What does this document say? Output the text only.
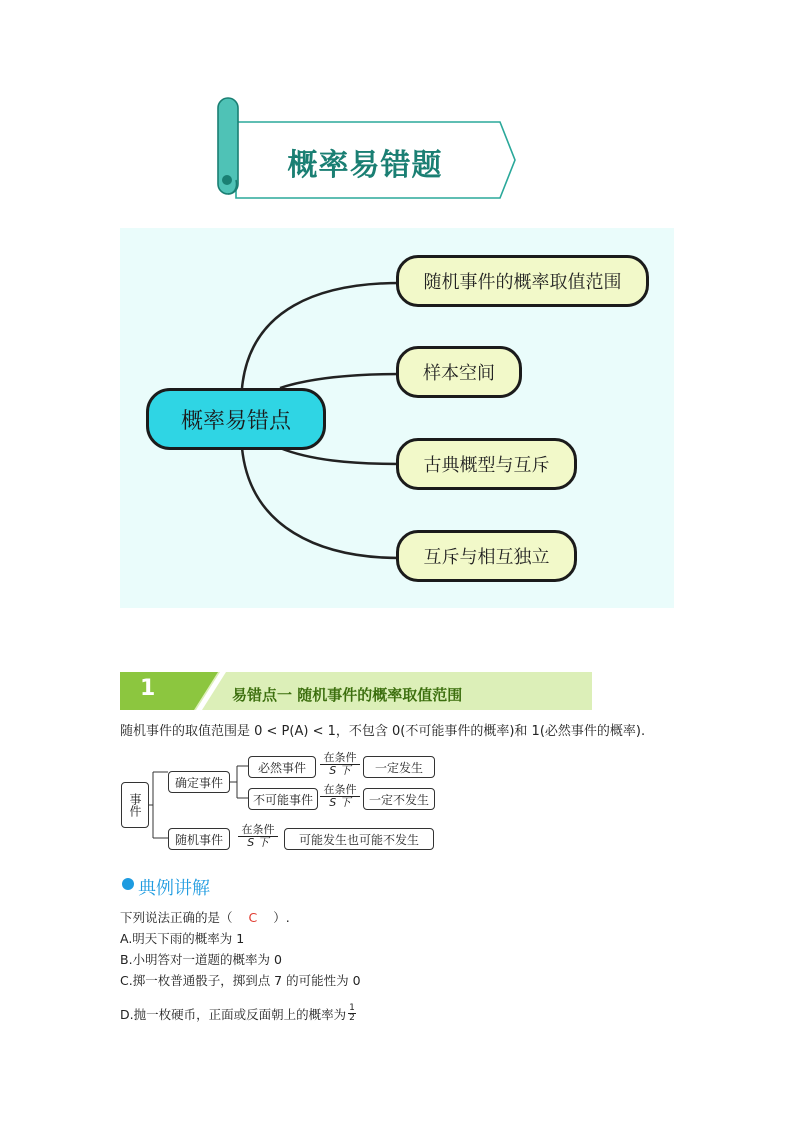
概率易错题
概率易错点
随机事件的概率取值范围
样本空间
古典概型与互斥
互斥与相互独立
1	易错点一 随机事件的概率取值范围
随机事件的取值范围是 0 < P(A) < 1，不包含 0(不可能事件的概率)和 1(必然事件的概率).
事件
确定事件
必然事件
不可能事件
随机事件
在条件
S 下
在条件
S 下
在条件
S 下
一定发生
一定不发生
可能发生也可能不发生
典例讲解
下列说法正确的是（ C ）.
A.明天下雨的概率为 1
B.小明答对一道题的概率为 0
C.掷一枚普通骰子，掷到点 7 的可能性为 0
D.抛一枚硬币，正面或反面朝上的概率为 1
2
